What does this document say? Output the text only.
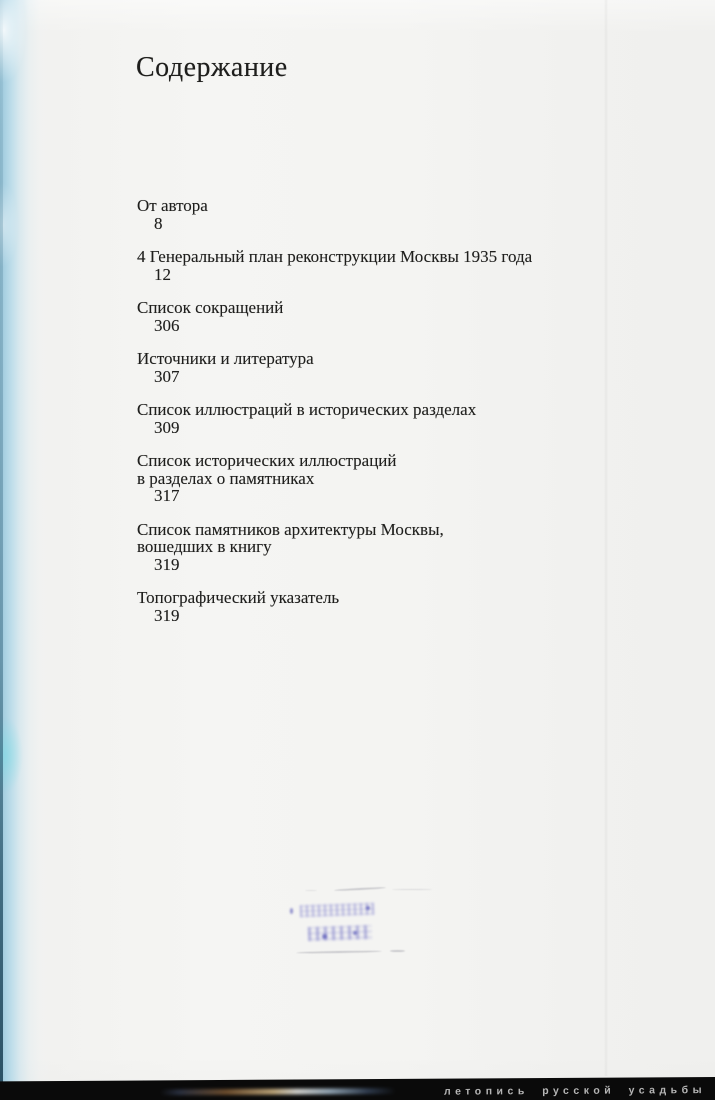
Содержание
От автора
8
4 Генеральный план реконструкции Москвы 1935 года
12
Список сокращений
306
Источники и литература
307
Список иллюстраций в исторических разделах
309
Список исторических иллюстраций
в разделах о памятниках
317
Список памятников архитектуры Москвы,
вошедших в книгу
319
Топографический указатель
319
летопись русской усадьбы
